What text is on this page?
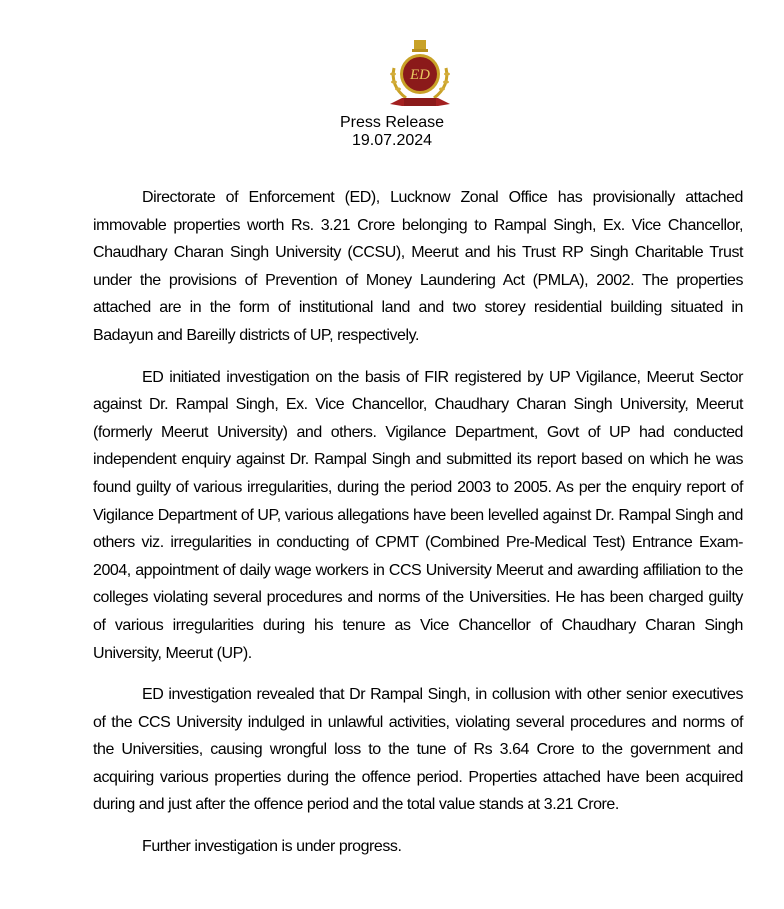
ED
Press Release
19.07.2024

Directorate of Enforcement (ED), Lucknow Zonal Office has provisionally attached immovable properties worth Rs. 3.21 Crore belonging to Rampal Singh, Ex. Vice Chancellor, Chaudhary Charan Singh University (CCSU), Meerut and his Trust RP Singh Charitable Trust under the provisions of Prevention of Money Laundering Act (PMLA), 2002. The properties attached are in the form of institutional land and two storey residential building situated in Badayun and Bareilly districts of UP, respectively.

ED initiated investigation on the basis of FIR registered by UP Vigilance, Meerut Sector against Dr. Rampal Singh, Ex. Vice Chancellor, Chaudhary Charan Singh University, Meerut (formerly Meerut University) and others. Vigilance Department, Govt of UP had conducted independent enquiry against Dr. Rampal Singh and submitted its report based on which he was found guilty of various irregularities, during the period 2003 to 2005. As per the enquiry report of Vigilance Department of UP, various allegations have been levelled against Dr. Rampal Singh and others viz. irregularities in conducting of CPMT (Combined Pre-Medical Test) Entrance Exam-2004, appointment of daily wage workers in CCS University Meerut and awarding affiliation to the colleges violating several procedures and norms of the Universities. He has been charged guilty of various irregularities during his tenure as Vice Chancellor of Chaudhary Charan Singh University, Meerut (UP).

ED investigation revealed that Dr Rampal Singh, in collusion with other senior executives of the CCS University indulged in unlawful activities, violating several procedures and norms of the Universities, causing wrongful loss to the tune of Rs 3.64 Crore to the government and acquiring various properties during the offence period. Properties attached have been acquired during and just after the offence period and the total value stands at 3.21 Crore.

Further investigation is under progress.
